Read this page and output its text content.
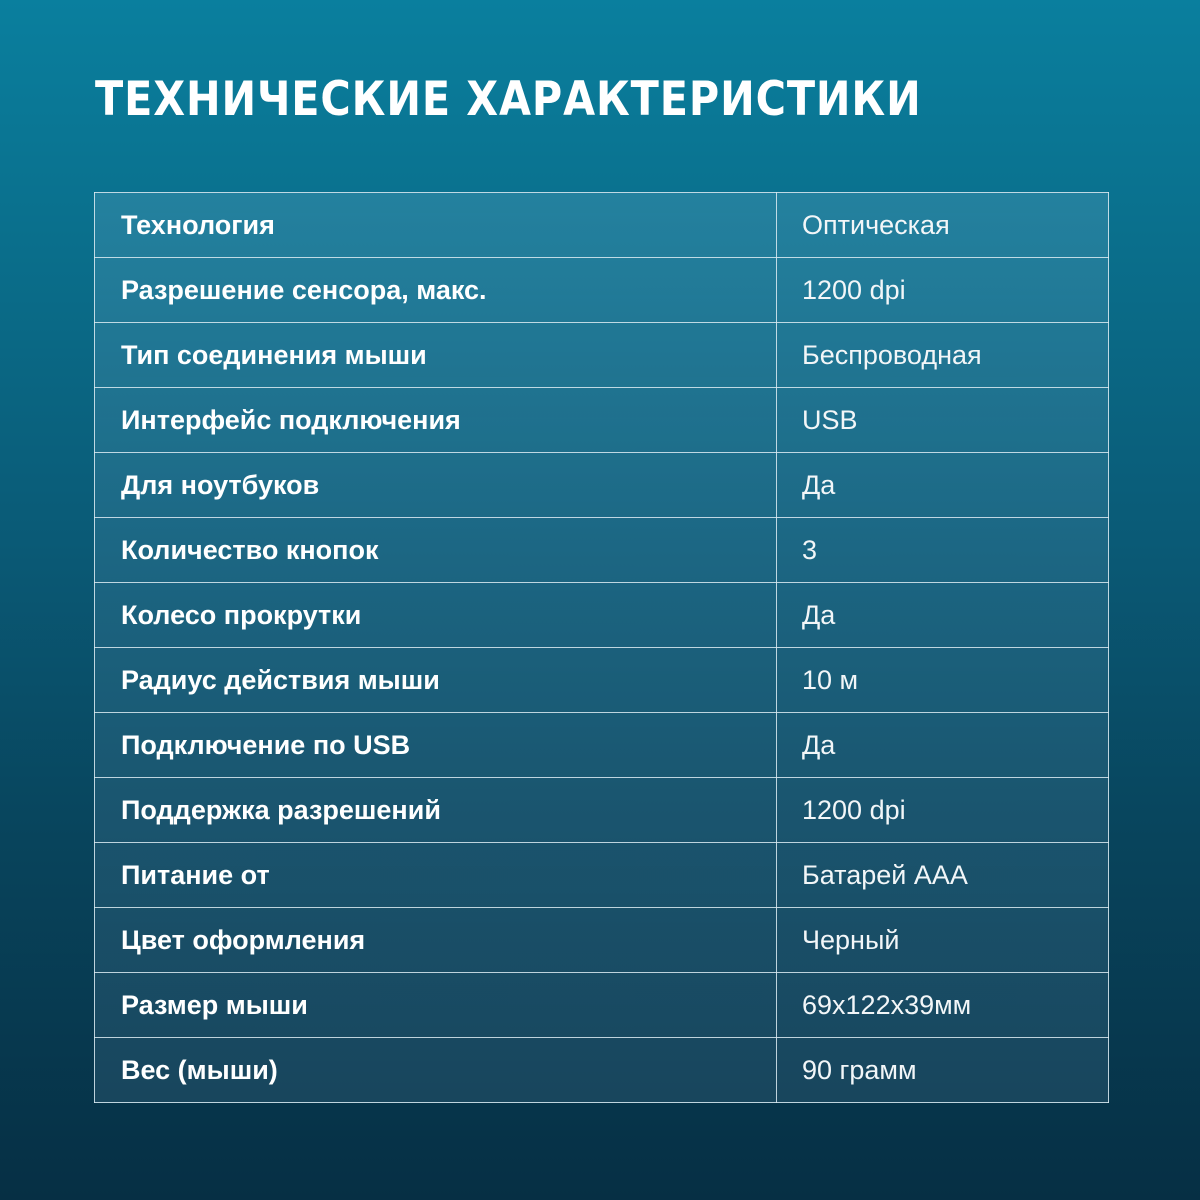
ТЕХНИЧЕСКИЕ ХАРАКТЕРИСТИКИ
Технология	Оптическая
Разрешение сенсора, макс.	1200 dpi
Тип соединения мыши	Беспроводная
Интерфейс подключения	USB
Для ноутбуков	Да
Количество кнопок	3
Колесо прокрутки	Да
Радиус действия мыши	10 м
Подключение по USB	Да
Поддержка разрешений	1200 dpi
Питание от	Батарей AAA
Цвет оформления	Черный
Размер мыши	69x122x39мм
Вес (мыши)	90 грамм
